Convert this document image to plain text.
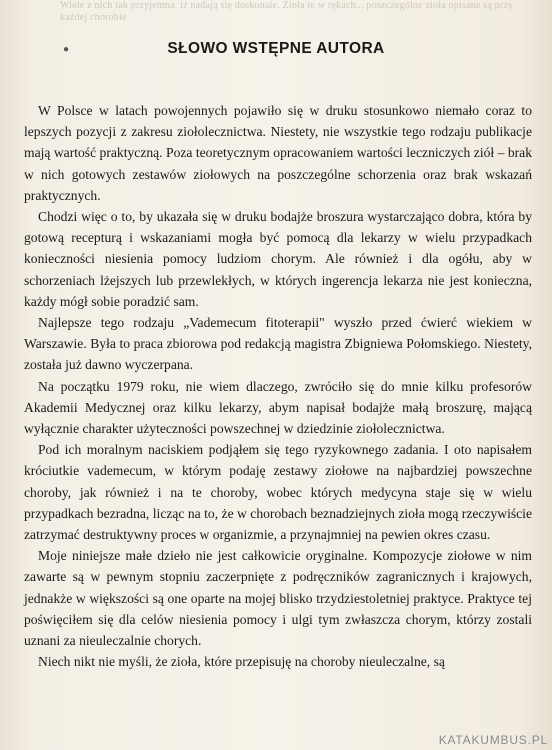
Wiele z nich tak przyjemna, iż nadają się doskonale. Zioła te w rękach... poszczególne zioła opisane są przy każdej chorobie
●	SŁOWO WSTĘPNE AUTORA

W Polsce w latach powojennych pojawiło się w druku stosunkowo niemało coraz to lepszych pozycji z zakresu ziołolecznictwa. Niestety, nie wszystkie tego rodzaju publikacje mają wartość praktyczną. Poza teoretycznym opracowaniem wartości leczniczych ziół – brak w nich gotowych zestawów ziołowych na poszczególne schorzenia oraz brak wskazań praktycznych.

Chodzi więc o to, by ukazała się w druku bodajże broszura wystarczająco dobra, która by gotową recepturą i wskazaniami mogła być pomocą dla lekarzy w wielu przypadkach konieczności niesienia pomocy ludziom chorym. Ale również i dla ogółu, aby w schorzeniach lżejszych lub przewlekłych, w których ingerencja lekarza nie jest konieczna, każdy mógł sobie poradzić sam.

Najlepsze tego rodzaju „Vademecum fitoterapii" wyszło przed ćwierć wiekiem w Warszawie. Była to praca zbiorowa pod redakcją magistra Zbigniewa Połomskiego. Niestety, została już dawno wyczerpana.

Na początku 1979 roku, nie wiem dlaczego, zwróciło się do mnie kilku profesorów Akademii Medycznej oraz kilku lekarzy, abym napisał bodajże małą broszurę, mającą wyłącznie charakter użyteczności powszechnej w dziedzinie ziołolecznictwa.

Pod ich moralnym naciskiem podjąłem się tego ryzykownego zadania. I oto napisałem króciutkie vademecum, w którym podaję zestawy ziołowe na najbardziej powszechne choroby, jak również i na te choroby, wobec których medycyna staje się w wielu przypadkach bezradna, licząc na to, że w chorobach beznadziejnych zioła mogą rzeczywiście zatrzymać destruktywny proces w organizmie, a przynajmniej na pewien okres czasu.

Moje niniejsze małe dzieło nie jest całkowicie oryginalne. Kompozycje ziołowe w nim zawarte są w pewnym stopniu zaczerpnięte z podręczników zagranicznych i krajowych, jednakże w większości są one oparte na mojej blisko trzydziestoletniej praktyce. Praktyce tej poświęciłem się dla celów niesienia pomocy i ulgi tym zwłaszcza chorym, którzy zostali uznani za nieuleczalnie chorych.

Niech nikt nie myśli, że zioła, które przepisuję na choroby nieuleczalne, są

KATAKUMBUS.PL
